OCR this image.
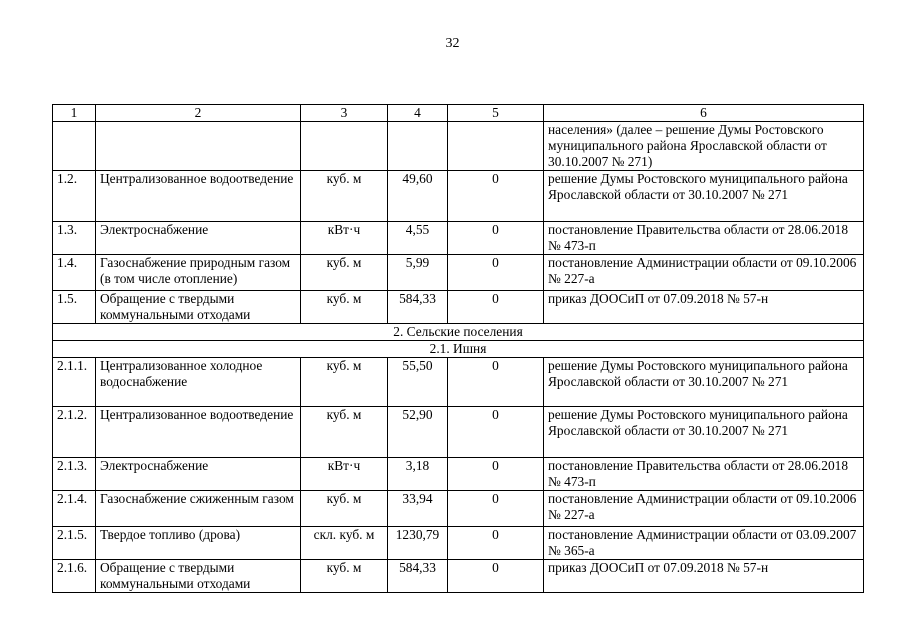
32
1	2	3	4	5	6
					населения» (далее – решение Думы Ростовского муниципального района Ярославской области от 30.10.2007 № 271)
1.2.	Централизованное водоотведение	куб. м	49,60	0	решение Думы Ростовского муниципального района Ярославской области от 30.10.2007 № 271
1.3.	Электроснабжение	кВт·ч	4,55	0	постановление Правительства области от 28.06.2018 № 473-п
1.4.	Газоснабжение природным газом (в том числе отопление)	куб. м	5,99	0	постановление Администрации области от 09.10.2006 № 227-а
1.5.	Обращение с твердыми коммунальными отходами	куб. м	584,33	0	приказ ДООСиП от 07.09.2018 № 57-н
2. Сельские поселения					
2.1. Ишня					
2.1.1.	Централизованное холодное водоснабжение	куб. м	55,50	0	решение Думы Ростовского муниципального района Ярославской области от 30.10.2007 № 271
2.1.2.	Централизованное водоотведение	куб. м	52,90	0	решение Думы Ростовского муниципального района Ярославской области от 30.10.2007 № 271
2.1.3.	Электроснабжение	кВт·ч	3,18	0	постановление Правительства области от 28.06.2018 № 473-п
2.1.4.	Газоснабжение сжиженным газом	куб. м	33,94	0	постановление Администрации области от 09.10.2006 № 227-а
2.1.5.	Твердое топливо (дрова)	скл. куб. м	1230,79	0	постановление Администрации области от 03.09.2007 № 365-а
2.1.6.	Обращение с твердыми коммунальными отходами	куб. м	584,33	0	приказ ДООСиП от 07.09.2018 № 57-н
